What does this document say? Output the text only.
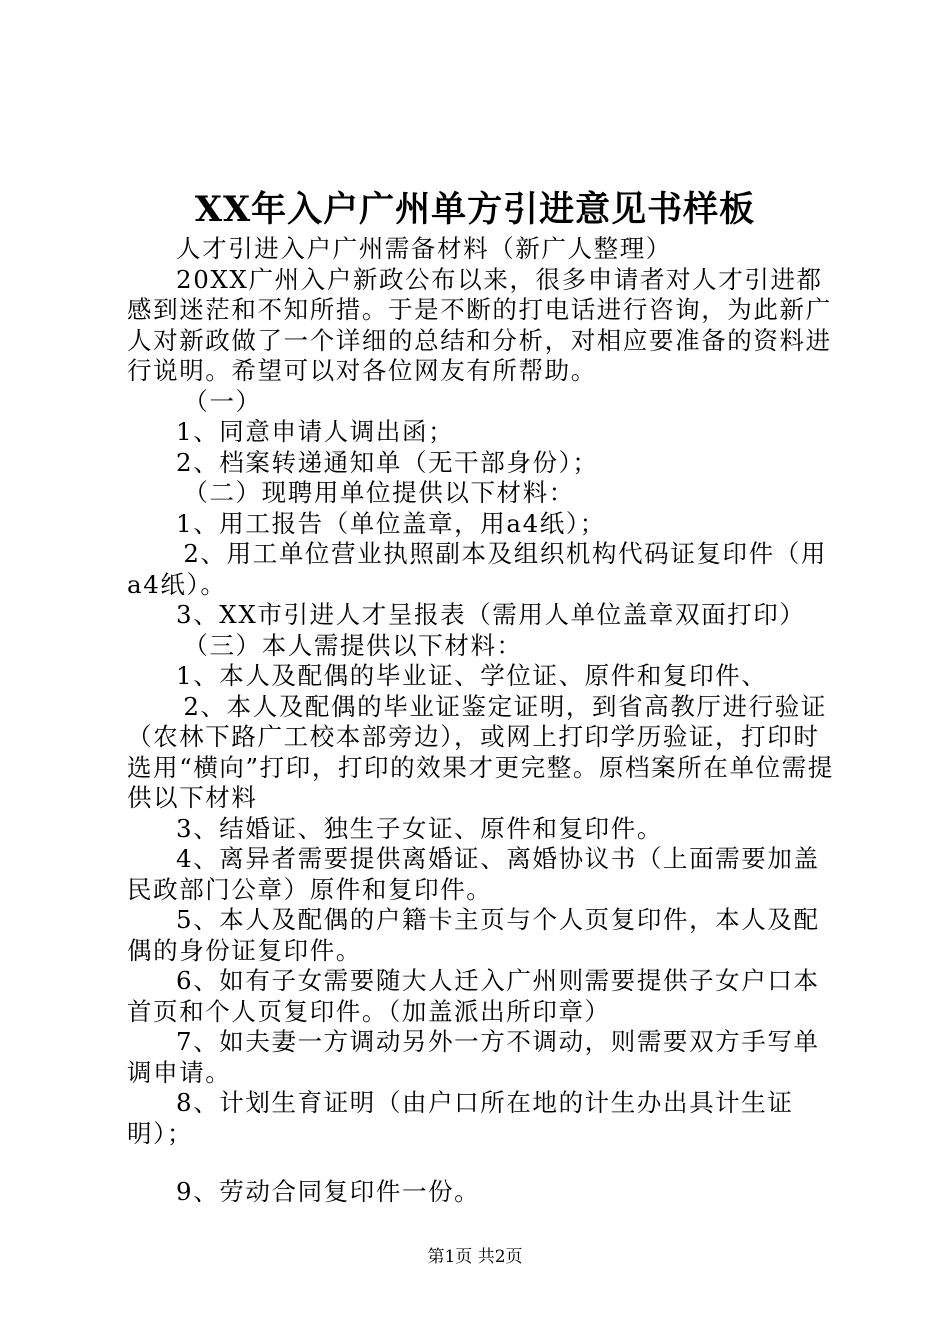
XX年入户广州单方引进意见书样板

人才引进入户广州需备材料（新广人整理）

20XX广州入户新政公布以来，很多申请者对人才引进都感到迷茫和不知所措。于是不断的打电话进行咨询，为此新广人对新政做了一个详细的总结和分析，对相应要准备的资料进行说明。希望可以对各位网友有所帮助。

（一）

1、同意申请人调出函；

2、档案转递通知单（无干部身份）；

（二）现聘用单位提供以下材料：

1、用工报告（单位盖章，用a4纸）；

2、用工单位营业执照副本及组织机构代码证复印件（用a4纸）。

3、XX市引进人才呈报表（需用人单位盖章双面打印）

（三）本人需提供以下材料：

1、本人及配偶的毕业证、学位证、原件和复印件、

2、本人及配偶的毕业证鉴定证明，到省高教厅进行验证（农林下路广工校本部旁边），或网上打印学历验证，打印时选用“横向”打印，打印的效果才更完整。原档案所在单位需提供以下材料

3、结婚证、独生子女证、原件和复印件。

4、离异者需要提供离婚证、离婚协议书（上面需要加盖民政部门公章）原件和复印件。

5、本人及配偶的户籍卡主页与个人页复印件，本人及配偶的身份证复印件。

6、如有子女需要随大人迁入广州则需要提供子女户口本首页和个人页复印件。（加盖派出所印章）

7、如夫妻一方调动另外一方不调动，则需要双方手写单调申请。

8、计划生育证明（由户口所在地的计生办出具计生证明）；

9、劳动合同复印件一份。

第1页 共2页
